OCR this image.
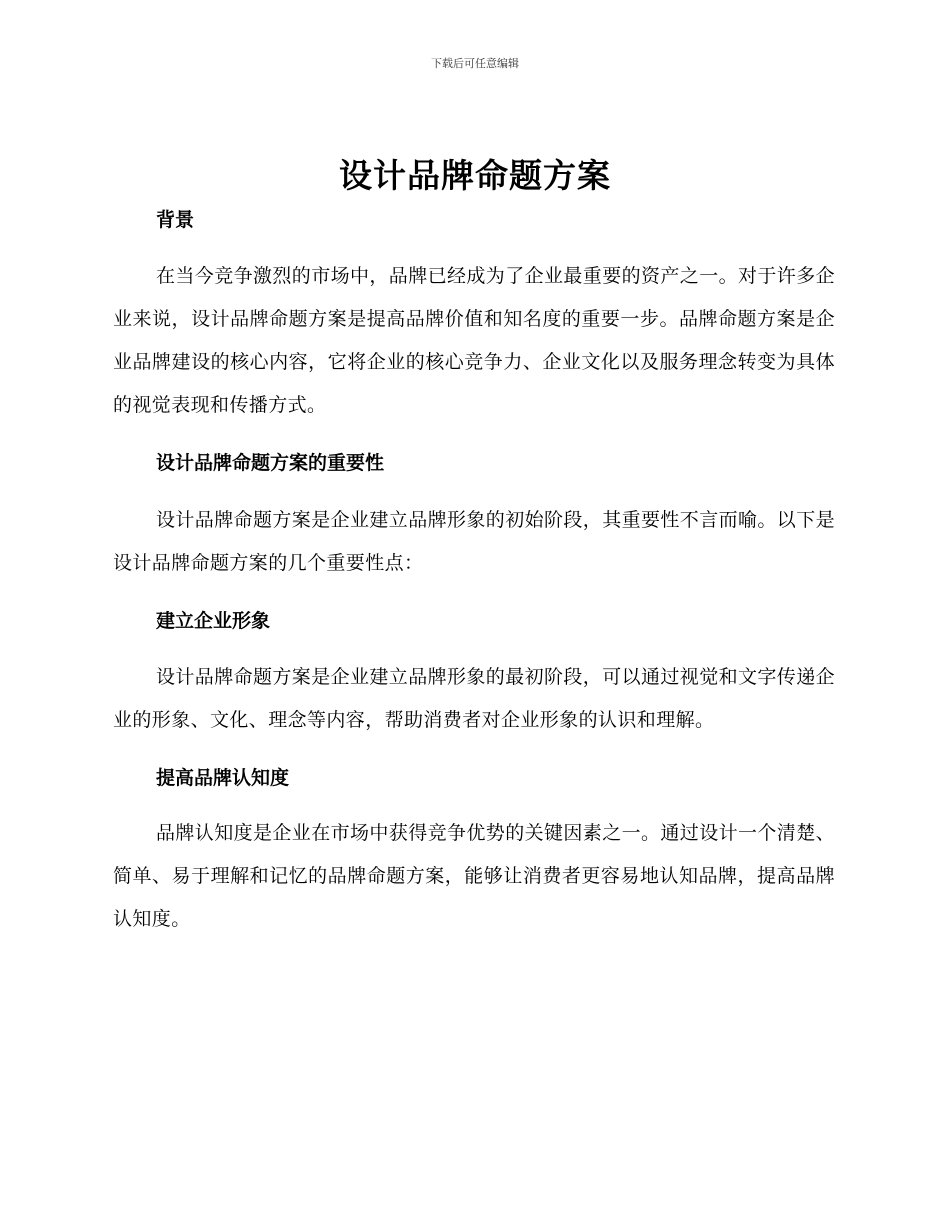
下载后可任意编辑
设计品牌命题方案
背景

在当今竞争激烈的市场中，品牌已经成为了企业最重要的资产之一。对于许多企业来说，设计品牌命题方案是提高品牌价值和知名度的重要一步。品牌命题方案是企业品牌建设的核心内容，它将企业的核心竞争力、企业文化以及服务理念转变为具体的视觉表现和传播方式。

设计品牌命题方案的重要性

设计品牌命题方案是企业建立品牌形象的初始阶段，其重要性不言而喻。以下是设计品牌命题方案的几个重要性点：

建立企业形象

设计品牌命题方案是企业建立品牌形象的最初阶段，可以通过视觉和文字传递企业的形象、文化、理念等内容，帮助消费者对企业形象的认识和理解。

提高品牌认知度

品牌认知度是企业在市场中获得竞争优势的关键因素之一。通过设计一个清楚、简单、易于理解和记忆的品牌命题方案，能够让消费者更容易地认知品牌，提高品牌认知度。
